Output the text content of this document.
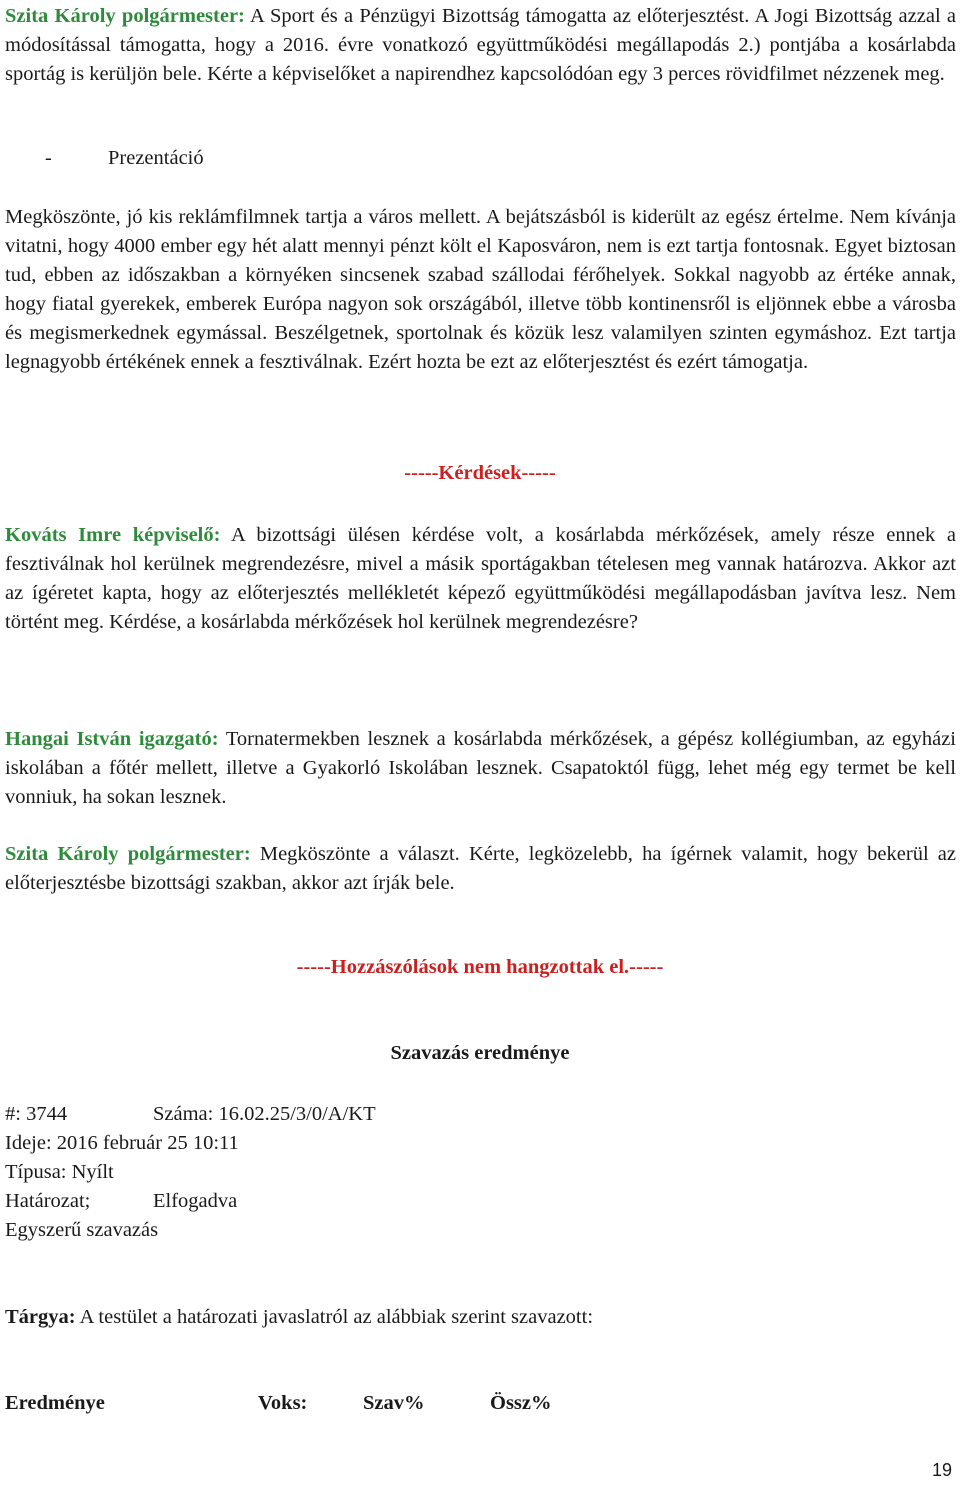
Szita Károly polgármester: A Sport és a Pénzügyi Bizottság támogatta az előterjesztést. A Jogi Bizottság azzal a módosítással támogatta, hogy a 2016. évre vonatkozó együttműködési megállapodás 2.) pontjába a kosárlabda sportág is kerüljön bele. Kérte a képviselőket a napirendhez kapcsolódóan egy 3 perces rövidfilmet nézzenek meg.

-	Prezentáció

Megköszönte, jó kis reklámfilmnek tartja a város mellett. A bejátszásból is kiderült az egész értelme. Nem kívánja vitatni, hogy 4000 ember egy hét alatt mennyi pénzt költ el Kaposváron, nem is ezt tartja fontosnak. Egyet biztosan tud, ebben az időszakban a környéken sincsenek szabad szállodai férőhelyek. Sokkal nagyobb az értéke annak, hogy fiatal gyerekek, emberek Európa nagyon sok országából, illetve több kontinensről is eljönnek ebbe a városba és megismerkednek egymással. Beszélgetnek, sportolnak és közük lesz valamilyen szinten egymáshoz. Ezt tartja legnagyobb értékének ennek a fesztiválnak. Ezért hozta be ezt az előterjesztést és ezért támogatja.

-----Kérdések-----

Kováts Imre képviselő: A bizottsági ülésen kérdése volt, a kosárlabda mérkőzések, amely része ennek a fesztiválnak hol kerülnek megrendezésre, mivel a másik sportágakban tételesen meg vannak határozva. Akkor azt az ígéretet kapta, hogy az előterjesztés mellékletét képező együttműködési megállapodásban javítva lesz. Nem történt meg. Kérdése, a kosárlabda mérkőzések hol kerülnek megrendezésre?

Hangai István igazgató: Tornatermekben lesznek a kosárlabda mérkőzések, a gépész kollégiumban, az egyházi iskolában a főtér mellett, illetve a Gyakorló Iskolában lesznek. Csapatoktól függ, lehet még egy termet be kell vonniuk, ha sokan lesznek.

Szita Károly polgármester: Megköszönte a választ. Kérte, legközelebb, ha ígérnek valamit, hogy bekerül az előterjesztésbe bizottsági szakban, akkor azt írják bele.

-----Hozzászólások nem hangzottak el.-----

Szavazás eredménye

#: 3744	Száma: 16.02.25/3/0/A/KT
Ideje: 2016 február 25 10:11
Típusa: Nyílt
Határozat;	Elfogadva
Egyszerű szavazás
Tárgya: A testület a határozati javaslatról az alábbiak szerint szavazott:
Eredménye	Voks:	Szav%	Össz%
19
